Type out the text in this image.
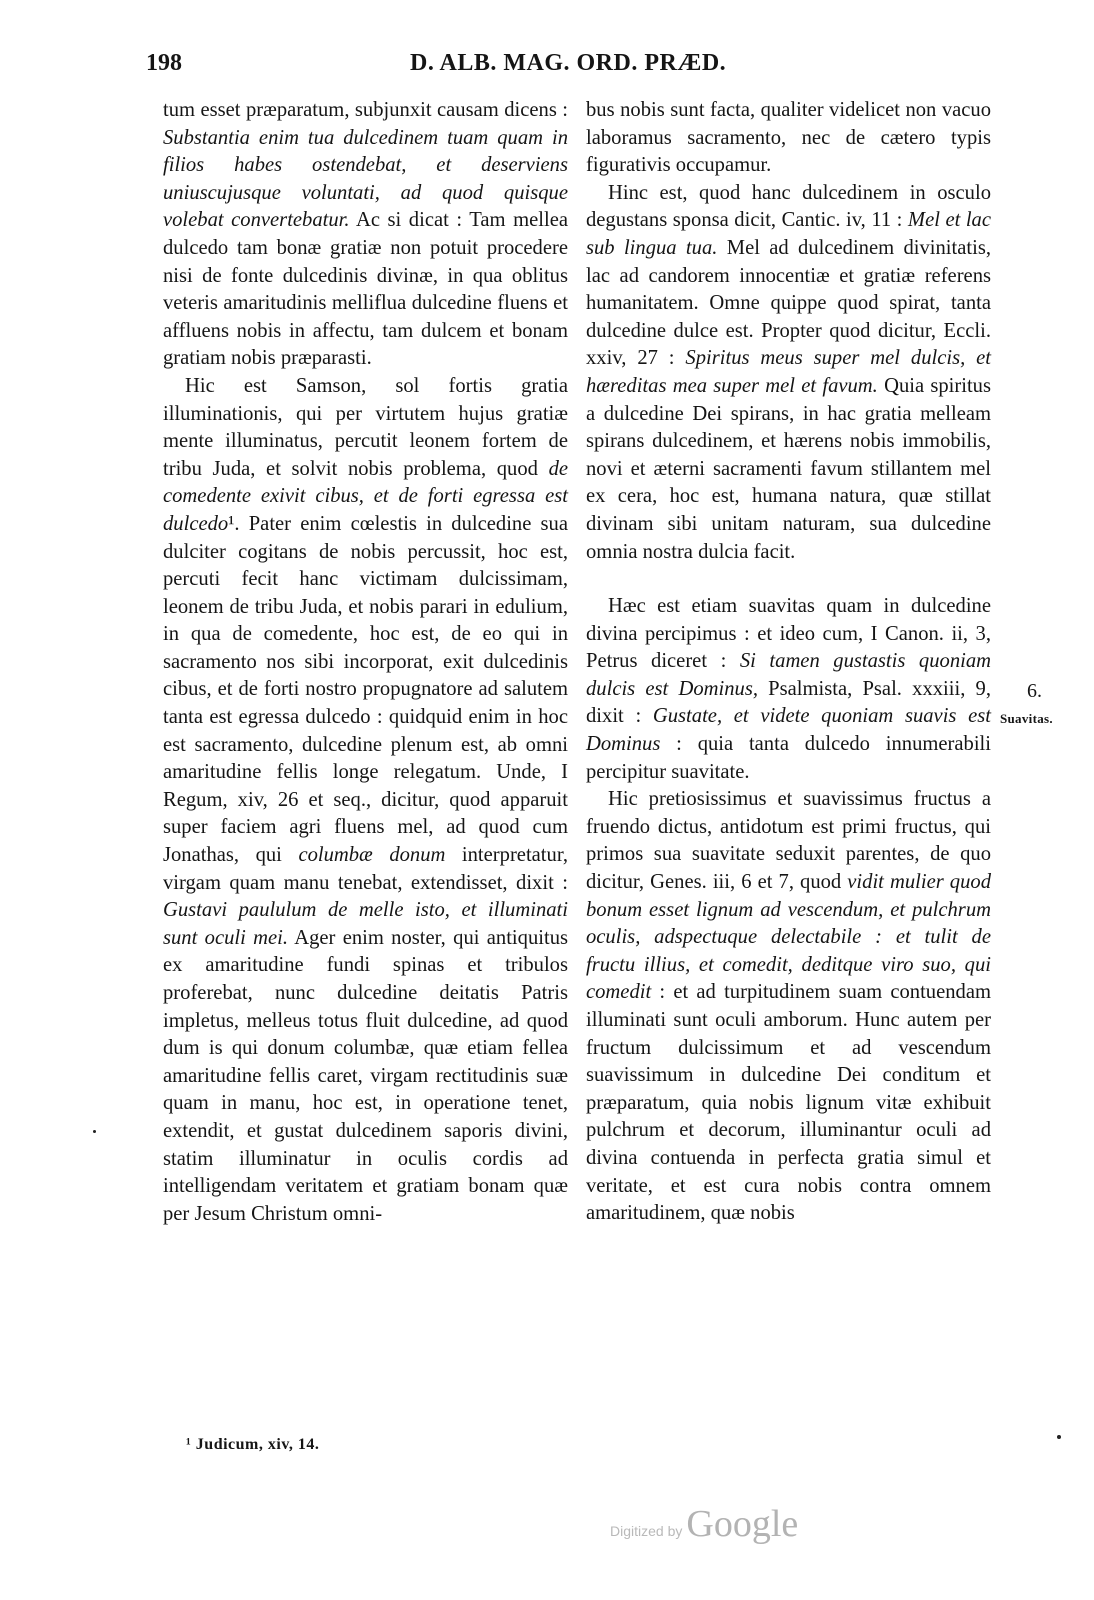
198	D. ALB. MAG. ORD. PRÆD.

tum esset præparatum, subjunxit causam dicens : Substantia enim tua dulcedinem tuam quam in filios habes ostendebat, et deserviens uniuscujusque voluntati, ad quod quisque volebat convertebatur. Ac si dicat : Tam mellea dulcedo tam bonæ gratiæ non potuit procedere nisi de fonte dulcedinis divinæ, in qua oblitus veteris amaritudinis melliflua dulcedine fluens et affluens nobis in affectu, tam dulcem et bonam gratiam nobis præparasti.

Hic est Samson, sol fortis gratia illuminationis, qui per virtutem hujus gratiæ mente illuminatus, percutit leonem fortem de tribu Juda, et solvit nobis problema, quod de comedente exivit cibus, et de forti egressa est dulcedo¹. Pater enim cœlestis in dulcedine sua dulciter cogitans de nobis percussit, hoc est, percuti fecit hanc victimam dulcissimam, leonem de tribu Juda, et nobis parari in edulium, in qua de comedente, hoc est, de eo qui in sacramento nos sibi incorporat, exit dulcedinis cibus, et de forti nostro propugnatore ad salutem tanta est egressa dulcedo : quidquid enim in hoc est sacramento, dulcedine plenum est, ab omni amaritudine fellis longe relegatum. Unde, I Regum, xiv, 26 et seq., dicitur, quod apparuit super faciem agri fluens mel, ad quod cum Jonathas, qui columbæ donum interpretatur, virgam quam manu tenebat, extendisset, dixit : Gustavi paululum de melle isto, et illuminati sunt oculi mei. Ager enim noster, qui antiquitus ex amaritudine fundi spinas et tribulos proferebat, nunc dulcedine deitatis Patris impletus, melleus totus fluit dulcedine, ad quod dum is qui donum columbæ, quæ etiam fellea amaritudine fellis caret, virgam rectitudinis suæ quam in manu, hoc est, in operatione tenet, extendit, et gustat dulcedinem saporis divini, statim illuminatur in oculis cordis ad intelligendam veritatem et gratiam bonam quæ per Jesum Christum omni-

bus nobis sunt facta, qualiter videlicet non vacuo laboramus sacramento, nec de cætero typis figurativis occupamur.

Hinc est, quod hanc dulcedinem in osculo degustans sponsa dicit, Cantic. iv, 11 : Mel et lac sub lingua tua. Mel ad dulcedinem divinitatis, lac ad candorem innocentiæ et gratiæ referens humanitatem. Omne quippe quod spirat, tanta dulcedine dulce est. Propter quod dicitur, Eccli. xxiv, 27 : Spiritus meus super mel dulcis, et hæreditas mea super mel et favum. Quia spiritus a dulcedine Dei spirans, in hac gratia melleam spirans dulcedinem, et hærens nobis immobilis, novi et æterni sacramenti favum stillantem mel ex cera, hoc est, humana natura, quæ stillat divinam sibi unitam naturam, sua dulcedine omnia nostra dulcia facit.

Hæc est etiam suavitas quam in dulcedine divina percipimus : et ideo cum, I Canon. ii, 3, Petrus diceret : Si tamen gustastis quoniam dulcis est Dominus, Psalmista, Psal. xxxiii, 9, dixit : Gustate, et videte quoniam suavis est Dominus : quia tanta dulcedo innumerabili percipitur suavitate.

Hic pretiosissimus et suavissimus fructus a fruendo dictus, antidotum est primi fructus, qui primos sua suavitate seduxit parentes, de quo dicitur, Genes. iii, 6 et 7, quod vidit mulier quod bonum esset lignum ad vescendum, et pulchrum oculis, adspectuque delectabile : et tulit de fructu illius, et comedit, deditque viro suo, qui comedit : et ad turpitudinem suam contuendam illuminati sunt oculi amborum. Hunc autem per fructum dulcissimum et ad vescendum suavissimum in dulcedine Dei conditum et præparatum, quia nobis lignum vitæ exhibuit pulchrum et decorum, illuminantur oculi ad divina contuenda in perfecta gratia simul et veritate, et est cura nobis contra omnem amaritudinem, quæ nobis

6.
Suavitas.
¹ Judicum, xiv, 14.
Digitized by Google
